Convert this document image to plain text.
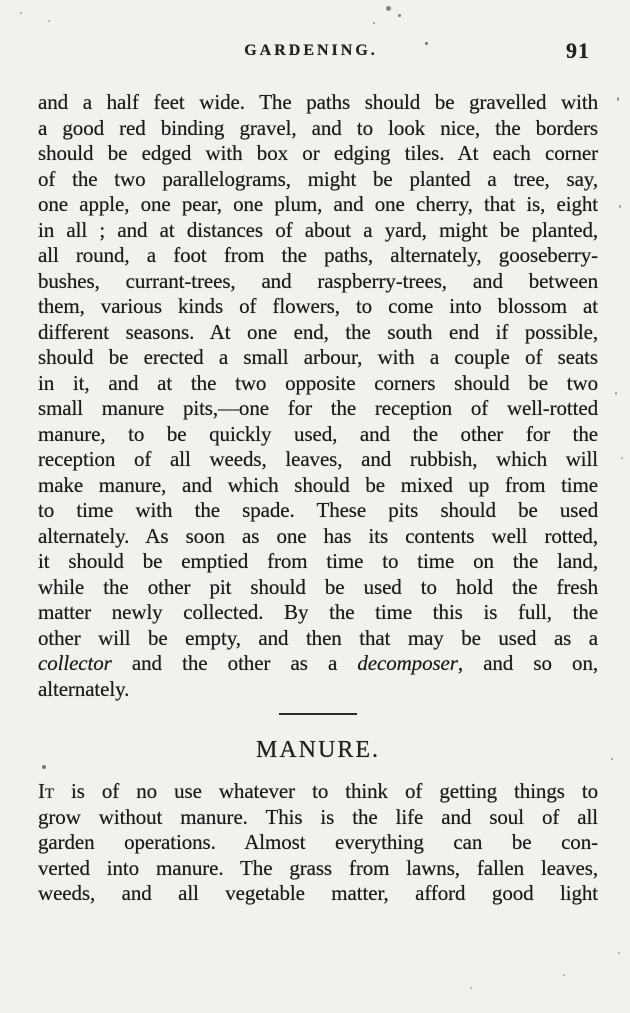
GARDENING.	91
and a half feet wide. The paths should be gravelled with
a good red binding gravel, and to look nice, the borders
should be edged with box or edging tiles. At each corner
of the two parallelograms, might be planted a tree, say,
one apple, one pear, one plum, and one cherry, that is, eight
in all ; and at distances of about a yard, might be planted,
all round, a foot from the paths, alternately, gooseberry-
bushes, currant-trees, and raspberry-trees, and between
them, various kinds of flowers, to come into blossom at
different seasons. At one end, the south end if possible,
should be erected a small arbour, with a couple of seats
in it, and at the two opposite corners should be two
small manure pits,—one for the reception of well-rotted
manure, to be quickly used, and the other for the
reception of all weeds, leaves, and rubbish, which will
make manure, and which should be mixed up from time
to time with the spade. These pits should be used
alternately. As soon as one has its contents well rotted,
it should be emptied from time to time on the land,
while the other pit should be used to hold the fresh
matter newly collected. By the time this is full, the
other will be empty, and then that may be used as a
collector and the other as a decomposer, and so on,
alternately.
MANURE.
It is of no use whatever to think of getting things to
grow without manure. This is the life and soul of all
garden operations. Almost everything can be con-
verted into manure. The grass from lawns, fallen leaves,
weeds, and all vegetable matter, afford good light
